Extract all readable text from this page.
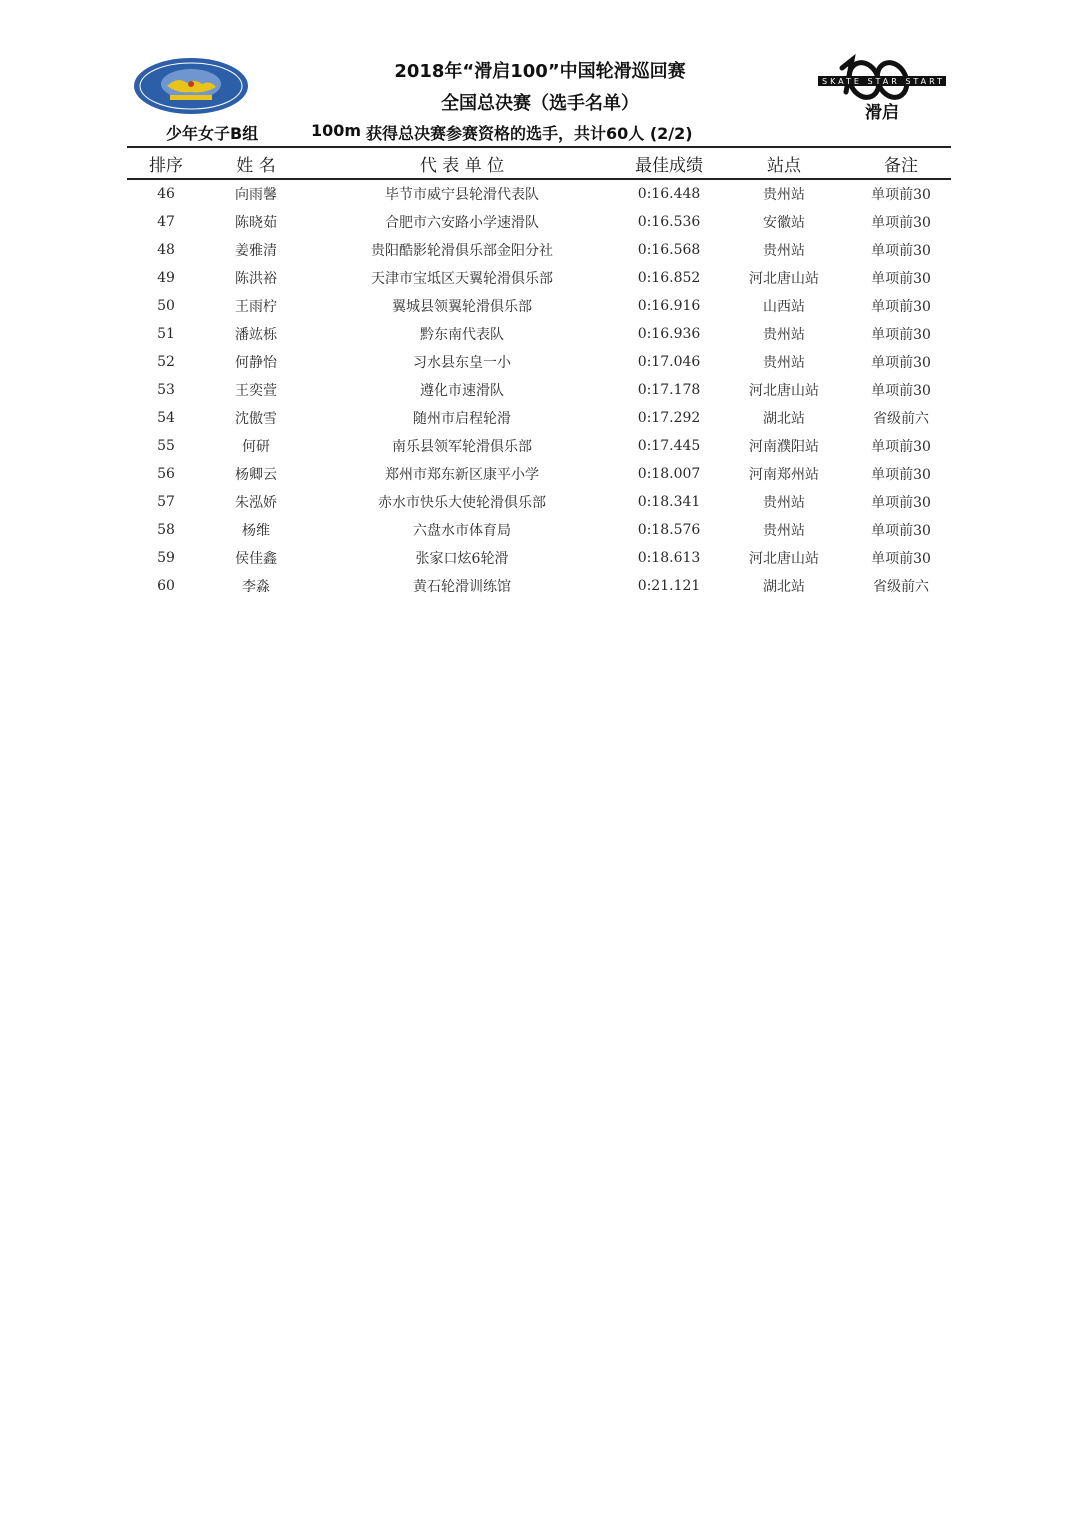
SKATE STAR START
滑启
2018年“滑启100”中国轮滑巡回赛
全国总决赛（选手名单）
少年女子B组	100m 获得总决赛参赛资格的选手，共计60人 (2/2)
排序	姓 名	代 表 单 位	最佳成绩	站点	备注
46	向雨馨	毕节市威宁县轮滑代表队	0:16.448	贵州站	单项前30
47	陈晓茹	合肥市六安路小学速滑队	0:16.536	安徽站	单项前30
48	姜雅清	贵阳酷影轮滑俱乐部金阳分社	0:16.568	贵州站	单项前30
49	陈洪裕	天津市宝坻区天翼轮滑俱乐部	0:16.852	河北唐山站	单项前30
50	王雨柠	翼城县领翼轮滑俱乐部	0:16.916	山西站	单项前30
51	潘竑栎	黔东南代表队	0:16.936	贵州站	单项前30
52	何静怡	习水县东皇一小	0:17.046	贵州站	单项前30
53	王奕萱	遵化市速滑队	0:17.178	河北唐山站	单项前30
54	沈傲雪	随州市启程轮滑	0:17.292	湖北站	省级前六
55	何研	南乐县领军轮滑俱乐部	0:17.445	河南濮阳站	单项前30
56	杨卿云	郑州市郑东新区康平小学	0:18.007	河南郑州站	单项前30
57	朱泓娇	赤水市快乐大使轮滑俱乐部	0:18.341	贵州站	单项前30
58	杨维	六盘水市体育局	0:18.576	贵州站	单项前30
59	侯佳鑫	张家口炫6轮滑	0:18.613	河北唐山站	单项前30
60	李淼	黄石轮滑训练馆	0:21.121	湖北站	省级前六
